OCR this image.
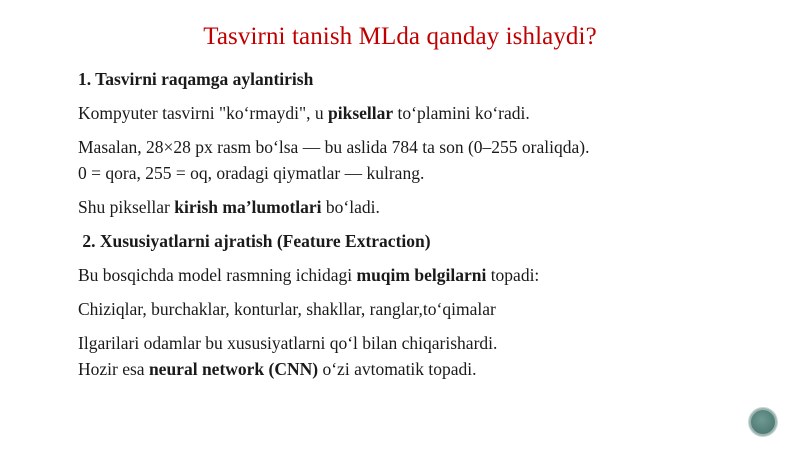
Tasvirni tanish MLda qanday ishlaydi?
1. Tasvirni raqamga aylantirish
Kompyuter tasvirni "ko‘rmaydi", u piksellar to‘plamini ko‘radi.
Masalan, 28×28 px rasm bo‘lsa — bu aslida 784 ta son (0–255 oraliqda).
0 = qora, 255 = oq, oradagi qiymatlar — kulrang.
Shu piksellar kirish ma’lumotlari bo‘ladi.
2. Xususiyatlarni ajratish (Feature Extraction)
Bu bosqichda model rasmning ichidagi muqim belgilarni topadi:
Chiziqlar, burchaklar, konturlar, shakllar, ranglar,to‘qimalar
Ilgarilari odamlar bu xususiyatlarni qo‘l bilan chiqarishardi.
Hozir esa neural network (CNN) o‘zi avtomatik topadi.
